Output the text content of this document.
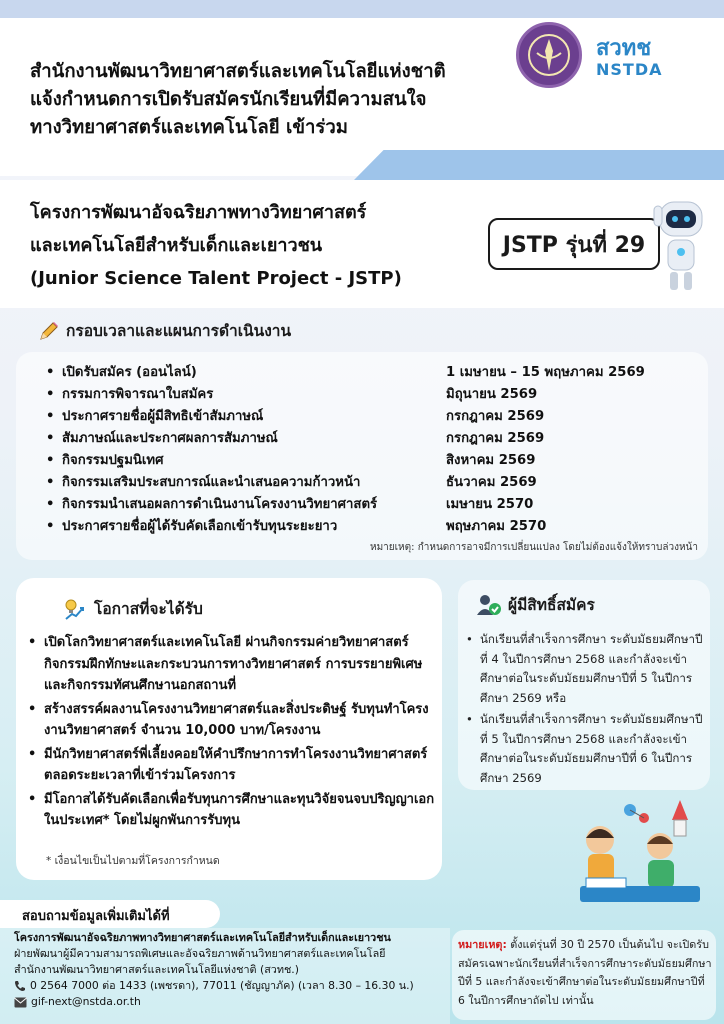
สำนักงานพัฒนาวิทยาศาสตร์และเทคโนโลยีแห่งชาติ
แจ้งกำหนดการเปิดรับสมัครนักเรียนที่มีความสนใจ
ทางวิทยาศาสตร์และเทคโนโลยี เข้าร่วม
สวทช
NSTDA
โครงการพัฒนาอัจฉริยภาพทางวิทยาศาสตร์
และเทคโนโลยีสำหรับเด็กและเยาวชน
(Junior Science Talent Project - JSTP)
JSTP รุ่นที่ 29
กรอบเวลาและแผนการดำเนินงาน
• เปิดรับสมัคร (ออนไลน์)	1 เมษายน – 15 พฤษภาคม 2569
• กรรมการพิจารณาใบสมัคร	มิถุนายน 2569
• ประกาศรายชื่อผู้มีสิทธิเข้าสัมภาษณ์	กรกฎาคม 2569
• สัมภาษณ์และประกาศผลการสัมภาษณ์	กรกฎาคม 2569
• กิจกรรมปฐมนิเทศ	สิงหาคม 2569
• กิจกรรมเสริมประสบการณ์และนำเสนอความก้าวหน้า	ธันวาคม 2569
• กิจกรรมนำเสนอผลการดำเนินงานโครงงานวิทยาศาสตร์	เมษายน 2570
• ประกาศรายชื่อผู้ได้รับคัดเลือกเข้ารับทุนระยะยาว	พฤษภาคม 2570
หมายเหตุ: กำหนดการอาจมีการเปลี่ยนแปลง โดยไม่ต้องแจ้งให้ทราบล่วงหน้า
โอกาสที่จะได้รับ
• เปิดโลกวิทยาศาสตร์และเทคโนโลยี ผ่านกิจกรรมค่ายวิทยาศาสตร์ กิจกรรมฝึกทักษะและกระบวนการทางวิทยาศาสตร์ การบรรยายพิเศษและกิจกรรมทัศนศึกษานอกสถานที่
• สร้างสรรค์ผลงานโครงงานวิทยาศาสตร์และสิ่งประดิษฐ์ รับทุนทำโครงงานวิทยาศาสตร์ จำนวน 10,000 บาท/โครงงาน
• มีนักวิทยาศาสตร์พี่เลี้ยงคอยให้คำปรึกษาการทำโครงงานวิทยาศาสตร์ตลอดระยะเวลาที่เข้าร่วมโครงการ
• มีโอกาสได้รับคัดเลือกเพื่อรับทุนการศึกษาและทุนวิจัยจนจบปริญญาเอกในประเทศ* โดยไม่ผูกพันการรับทุน
* เงื่อนไขเป็นไปตามที่โครงการกำหนด
ผู้มีสิทธิ์สมัคร
• นักเรียนที่สำเร็จการศึกษา ระดับมัธยมศึกษาปีที่ 4 ในปีการศึกษา 2568 และกำลังจะเข้าศึกษาต่อในระดับมัธยมศึกษาปีที่ 5 ในปีการศึกษา 2569 หรือ
• นักเรียนที่สำเร็จการศึกษา ระดับมัธยมศึกษาปีที่ 5 ในปีการศึกษา 2568 และกำลังจะเข้าศึกษาต่อในระดับมัธยมศึกษาปีที่ 6 ในปีการศึกษา 2569
สอบถามข้อมูลเพิ่มเติมได้ที่
โครงการพัฒนาอัจฉริยภาพทางวิทยาศาสตร์และเทคโนโลยีสำหรับเด็กและเยาวชน
ฝ่ายพัฒนาผู้มีความสามารถพิเศษและอัจฉริยภาพด้านวิทยาศาสตร์และเทคโนโลยี
สำนักงานพัฒนาวิทยาศาสตร์และเทคโนโลยีแห่งชาติ (สวทช.)
0 2564 7000 ต่อ 1433 (เพชรดา), 77011 (ชัญญาภัค) (เวลา 8.30 – 16.30 น.)
gif-next@nstda.or.th
หมายเหตุ: ตั้งแต่รุ่นที่ 30 ปี 2570 เป็นต้นไป จะเปิดรับสมัครเฉพาะนักเรียนที่สำเร็จการศึกษาระดับมัธยมศึกษาปีที่ 5 และกำลังจะเข้าศึกษาต่อในระดับมัธยมศึกษาปีที่ 6 ในปีการศึกษาถัดไป เท่านั้น
